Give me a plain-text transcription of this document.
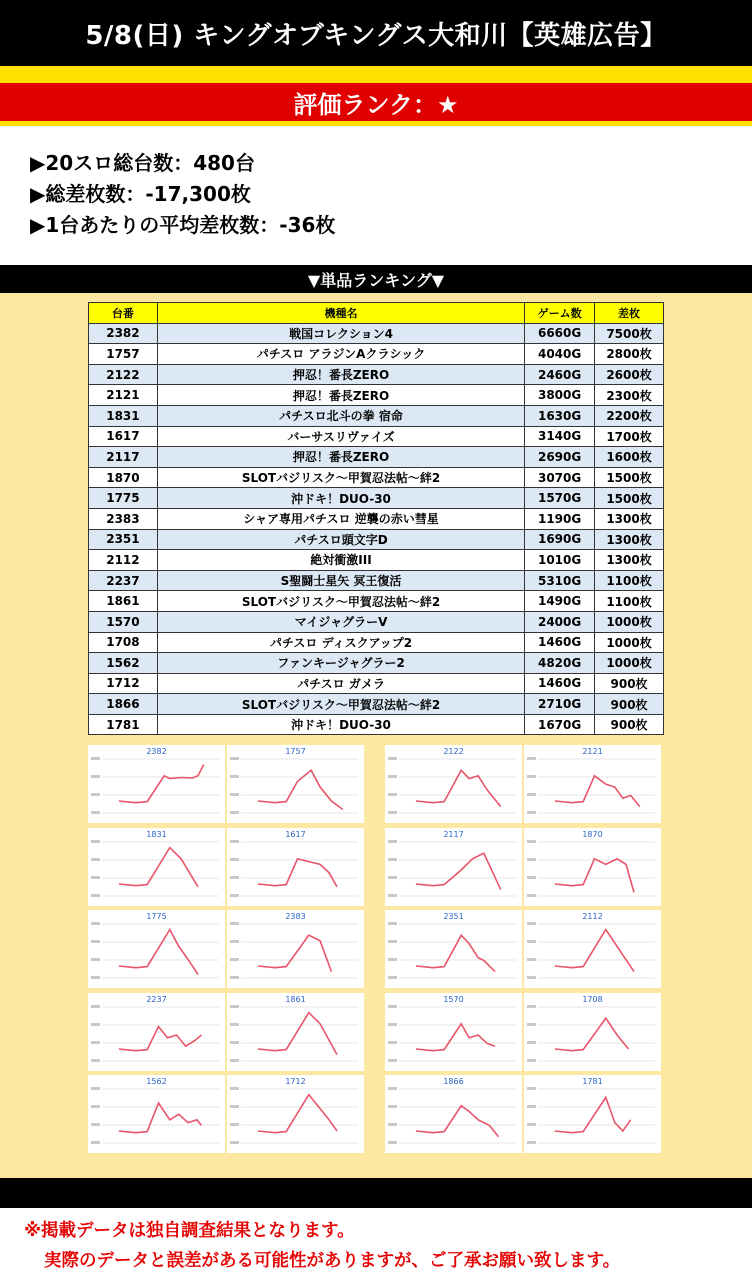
5/8(日) キングオブキングス大和川【英雄広告】
評価ランク：★
▶20スロ総台数：480台
▶総差枚数：-17,300枚
▶1台あたりの平均差枚数：-36枚
▼単品ランキング▼
台番	機種名	ゲーム数	差枚
2382	戦国コレクション4	6660G	7500枚
1757	パチスロ アラジンAクラシック	4040G	2800枚
2122	押忍！番長ZERO	2460G	2600枚
2121	押忍！番長ZERO	3800G	2300枚
1831	パチスロ北斗の拳 宿命	1630G	2200枚
1617	バーサスリヴァイズ	3140G	1700枚
2117	押忍！番長ZERO	2690G	1600枚
1870	SLOTバジリスク～甲賀忍法帖～絆2	3070G	1500枚
1775	沖ドキ！DUO-30	1570G	1500枚
2383	シャア専用パチスロ 逆襲の赤い彗星	1190G	1300枚
2351	パチスロ頭文字D	1690G	1300枚
2112	絶対衝激III	1010G	1300枚
2237	S聖闘士星矢 冥王復活	5310G	1100枚
1861	SLOTバジリスク～甲賀忍法帖～絆2	1490G	1100枚
1570	マイジャグラーV	2400G	1000枚
1708	パチスロ ディスクアップ2	1460G	1000枚
1562	ファンキージャグラー2	4820G	1000枚
1712	パチスロ ガメラ	1460G	900枚
1866	SLOTバジリスク～甲賀忍法帖～絆2	2710G	900枚
1781	沖ドキ！DUO-30	1670G	900枚
2382	1757	2122	2121
1831	1617	2117	1870
1775	2383	2351	2112
2237	1861	1570	1708
1562	1712	1866	1781
※掲載データは独自調査結果となります。
実際のデータと誤差がある可能性がありますが、ご了承お願い致します。
